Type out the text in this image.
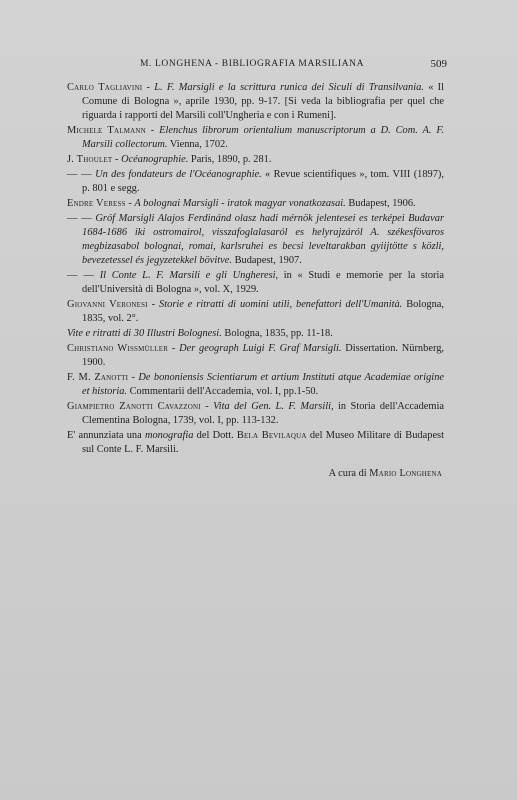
M. LONGHENA - BIBLIOGRAFIA MARSILIANA	509

Carlo Tagliavini - L. F. Marsigli e la scrittura runica dei Siculi di Transilvania. « Il Comune di Bologna », aprile 1930, pp. 9-17. [Si veda la bibliografia per quel che riguarda i rapporti del Marsili coll'Ungheria e con i Rumeni].

Michele Talmann - Elenchus librorum orientalium manuscriptorum a D. Com. A. F. Marsili collectorum. Vienna, 1702.

J. Thoulet - Océanographie. Paris, 1890, p. 281.

— — Un des fondateurs de l'Océanographie. « Revue scientifiques », tom. VIII (1897), p. 801 e segg.

Endre Veress - A bolognai Marsigli - iratok magyar vonatkozasai. Budapest, 1906.

— — Gróf Marsigli Alajos Ferdinánd olasz hadi mérnök jelentesei es terképei Budavar 1684-1686 iki ostromairol, visszafoglalasaról es helyrajzáról A. székesfövaros megbizasabol bolognai, romai, karlsruhei es becsi leveltarakban gyiijtötte s közli, bevezetessel és jegyzetekkel bövitve. Budapest, 1907.

— — Il Conte L. F. Marsili e gli Ungheresi, in « Studi e memorie per la storia dell'Università di Bologna », vol. X, 1929.

Giovanni Veronesi - Storie e ritratti di uomini utili, benefattori dell'Umanità. Bologna, 1835, vol. 2°.

Vite e ritratti di 30 Illustri Bolognesi. Bologna, 1835, pp. 11-18.

Christiano Wissmüller - Der geograph Luigi F. Graf Marsigli. Dissertation. Nürnberg, 1900.

F. M. Zanotti - De bononiensis Scientiarum et artium Instituti atque Academiae origine et historia. Commentarii dell'Accademia, vol. I, pp.1-50.

Giampietro Zanotti Cavazzoni - Vita del Gen. L. F. Marsili, in Storia dell'Accademia Clementina Bologna, 1739, vol. I, pp. 113-132.

E' annunziata una monografia del Dott. Bela Bevilaqua del Museo Militare di Budapest sul Conte L. F. Marsili.

A cura di Mario Longhena
